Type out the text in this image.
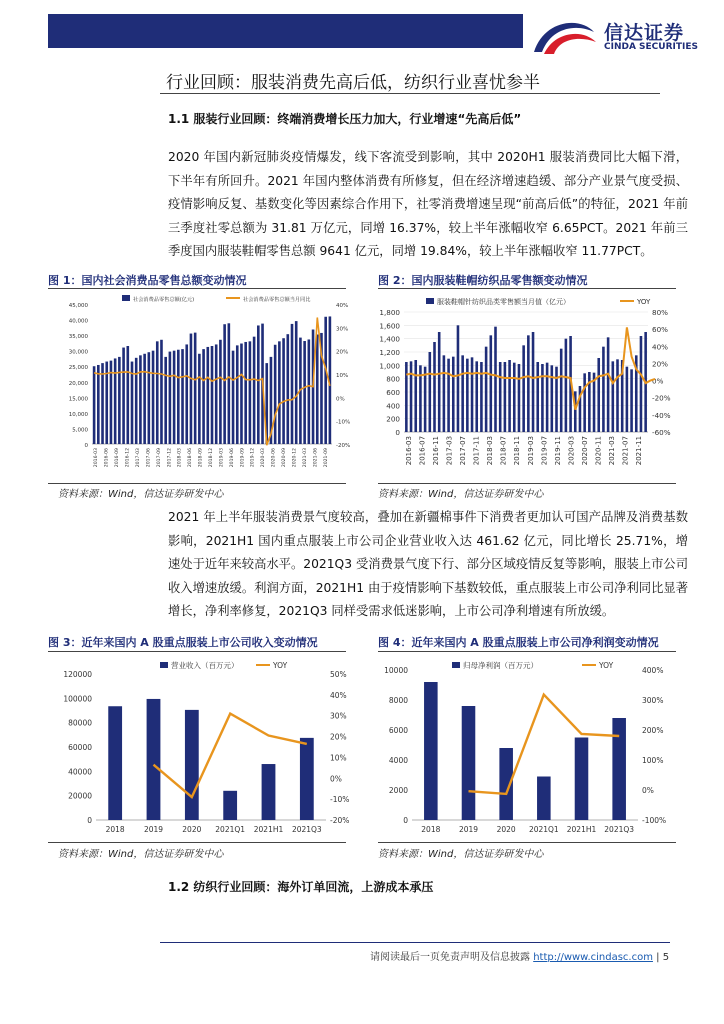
信达证券
CINDA SECURITIES
行业回顾：服装消费先高后低，纺织行业喜忧参半
1.1 服装行业回顾：终端消费增长压力加大，行业增速“先高后低”
2020 年国内新冠肺炎疫情爆发，线下客流受到影响，其中 2020H1 服装消费同比大幅下滑，下半年有所回升。2021 年国内整体消费有所修复，但在经济增速趋缓、部分产业景气度受损、疫情影响反复、基数变化等因素综合作用下，社零消费增速呈现“前高后低”的特征，2021 年前三季度社零总额为 31.81 万亿元，同增 16.37%，较上半年涨幅收窄 6.65PCT。2021 年前三季度国内服装鞋帽零售总额 9641 亿元，同增 19.84%，较上半年涨幅收窄 11.77PCT。
图 1：国内社会消费品零售总额变动情况	图 2：国内服装鞋帽纺织品零售额变动情况
社会消费品零售总额(亿元)	社会消费品零售总额当月同比
0
5,000
10,000
15,000
20,000
25,000
30,000
35,000
40,000
45,000
-20%
-10%
0%
10%
20%
30%
40%
2016-03 2016-06 2016-09 2016-12 2017-03 2017-06 2017-09 2017-12 2018-03 2018-06 2018-09 2018-12 2019-03 2019-06 2019-09 2019-12 2020-03 2020-06 2020-09 2020-12 2021-03 2021-06 2021-09
服装鞋帽针纺织品类零售额当月值（亿元）	YOY
0
200
400
600
800
1,000
1,200
1,400
1,600
1,800
-60%
-40%
-20%
0%
20%
40%
60%
80%
2016-03 2016-07 2016-11 2017-03 2017-07 2017-11 2018-03 2018-07 2018-11 2019-03 2019-07 2019-11 2020-03 2020-07 2020-11 2021-03 2021-07 2021-11
资料来源：Wind，信达证券研发中心	资料来源：Wind，信达证券研发中心
2021 年上半年服装消费景气度较高，叠加在新疆棉事件下消费者更加认可国产品牌及消费基数影响，2021H1 国内重点服装上市公司企业营业收入达 461.62 亿元，同比增长 25.71%，增速处于近年来较高水平。2021Q3 受消费景气度下行、部分区域疫情反复等影响，服装上市公司收入增速放缓。利润方面，2021H1 由于疫情影响下基数较低，重点服装上市公司净利同比显著增长，净利率修复，2021Q3 同样受需求低迷影响，上市公司净利增速有所放缓。
图 3：近年来国内 A 股重点服装上市公司收入变动情况	图 4：近年来国内 A 股重点服装上市公司净利润变动情况
营业收入（百万元）	YOY
0
20000
40000
60000
80000
100000
120000
-20%
-10%
0%
10%
20%
30%
40%
50%
2018	2019	2020 2021Q1 2021H1 2021Q3
归母净利润（百万元）	YOY
0
2000
4000
6000
8000
10000
-100%
0%
100%
200%
300%
400%
2018 2019 2020 2021Q1 2021H1 2021Q3
资料来源：Wind，信达证券研发中心	资料来源：Wind，信达证券研发中心
1.2 纺织行业回顾：海外订单回流，上游成本承压
请阅读最后一页免责声明及信息披露 http://www.cindasc.com | 5
